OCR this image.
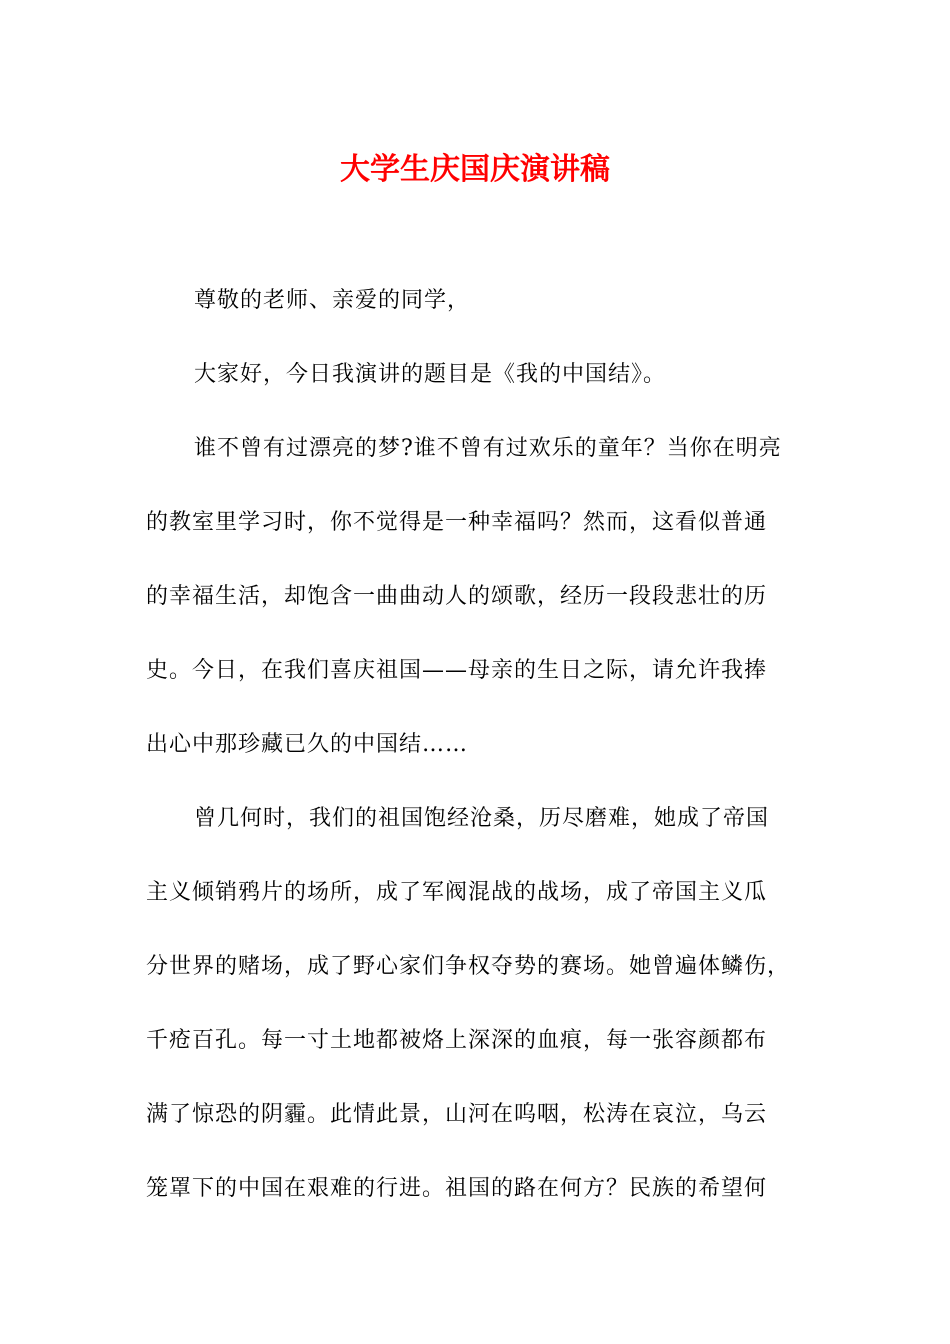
大学生庆国庆演讲稿
尊敬的老师、亲爱的同学，
大家好，今日我演讲的题目是《我的中国结》。
谁不曾有过漂亮的梦?谁不曾有过欢乐的童年？当你在明亮
的教室里学习时，你不觉得是一种幸福吗？然而，这看似普通
的幸福生活，却饱含一曲曲动人的颂歌，经历一段段悲壮的历
史。今日，在我们喜庆祖国——母亲的生日之际，请允许我捧
出心中那珍藏已久的中国结……
曾几何时，我们的祖国饱经沧桑，历尽磨难，她成了帝国
主义倾销鸦片的场所，成了军阀混战的战场，成了帝国主义瓜
分世界的赌场，成了野心家们争权夺势的赛场。她曾遍体鳞伤，
千疮百孔。每一寸土地都被烙上深深的血痕，每一张容颜都布
满了惊恐的阴霾。此情此景，山河在呜咽，松涛在哀泣，乌云
笼罩下的中国在艰难的行进。祖国的路在何方？民族的希望何
